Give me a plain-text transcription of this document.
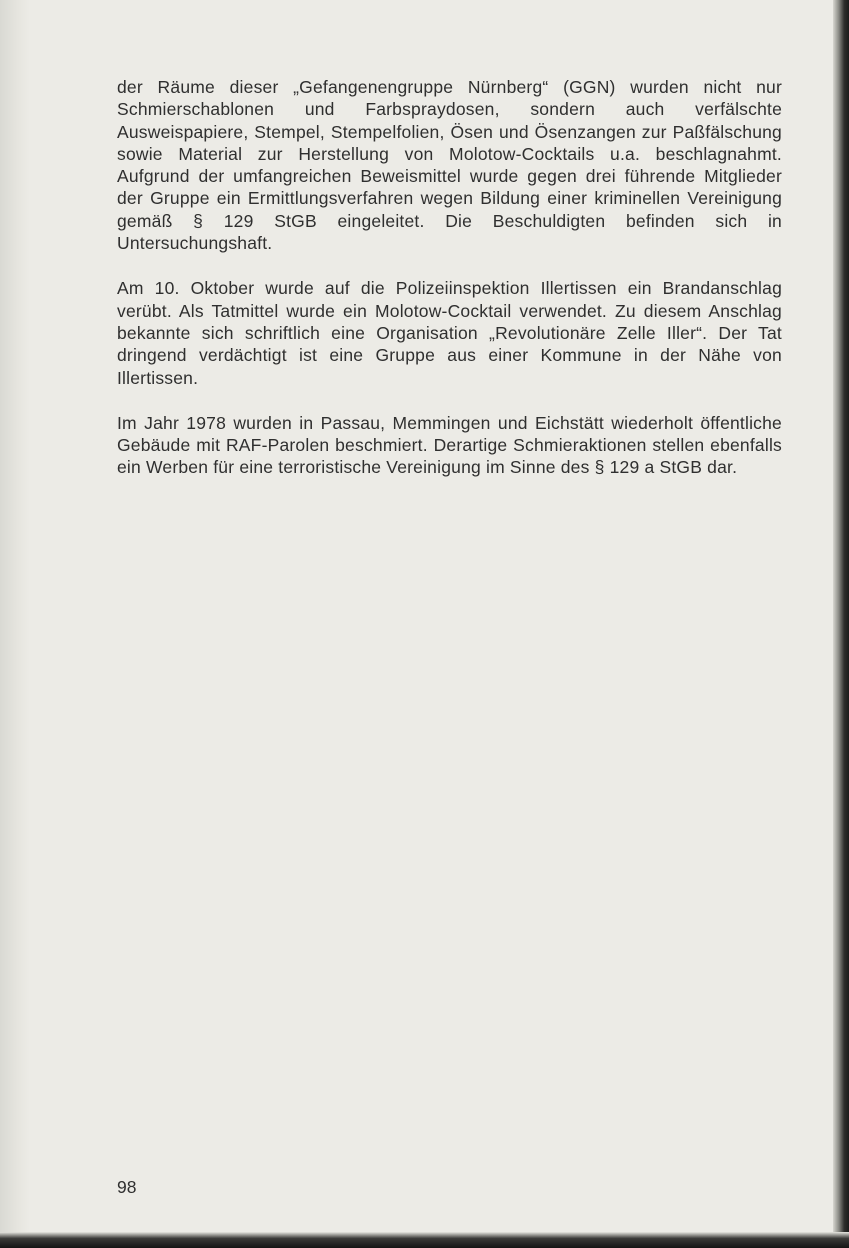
der Räume dieser „Gefangenengruppe Nürnberg“ (GGN) wurden nicht nur Schmierschablonen und Farbspraydosen, sondern auch verfälschte Ausweispapiere, Stempel, Stempelfolien, Ösen und Ösenzangen zur Paßfälschung sowie Material zur Herstellung von Molotow-Cocktails u.a. beschlagnahmt. Aufgrund der umfangreichen Beweismittel wurde gegen drei führende Mitglieder der Gruppe ein Ermittlungsverfahren wegen Bildung einer kriminellen Vereinigung gemäß § 129 StGB eingeleitet. Die Beschuldigten befinden sich in Untersuchungshaft.

Am 10. Oktober wurde auf die Polizeiinspektion Illertissen ein Brandanschlag verübt. Als Tatmittel wurde ein Molotow-Cocktail verwendet. Zu diesem Anschlag bekannte sich schriftlich eine Organisation „Revolutionäre Zelle Iller“. Der Tat dringend verdächtigt ist eine Gruppe aus einer Kommune in der Nähe von Illertissen.

Im Jahr 1978 wurden in Passau, Memmingen und Eichstätt wiederholt öffentliche Gebäude mit RAF-Parolen beschmiert. Derartige Schmieraktionen stellen ebenfalls ein Werben für eine terroristische Vereinigung im Sinne des § 129 a StGB dar.

98
